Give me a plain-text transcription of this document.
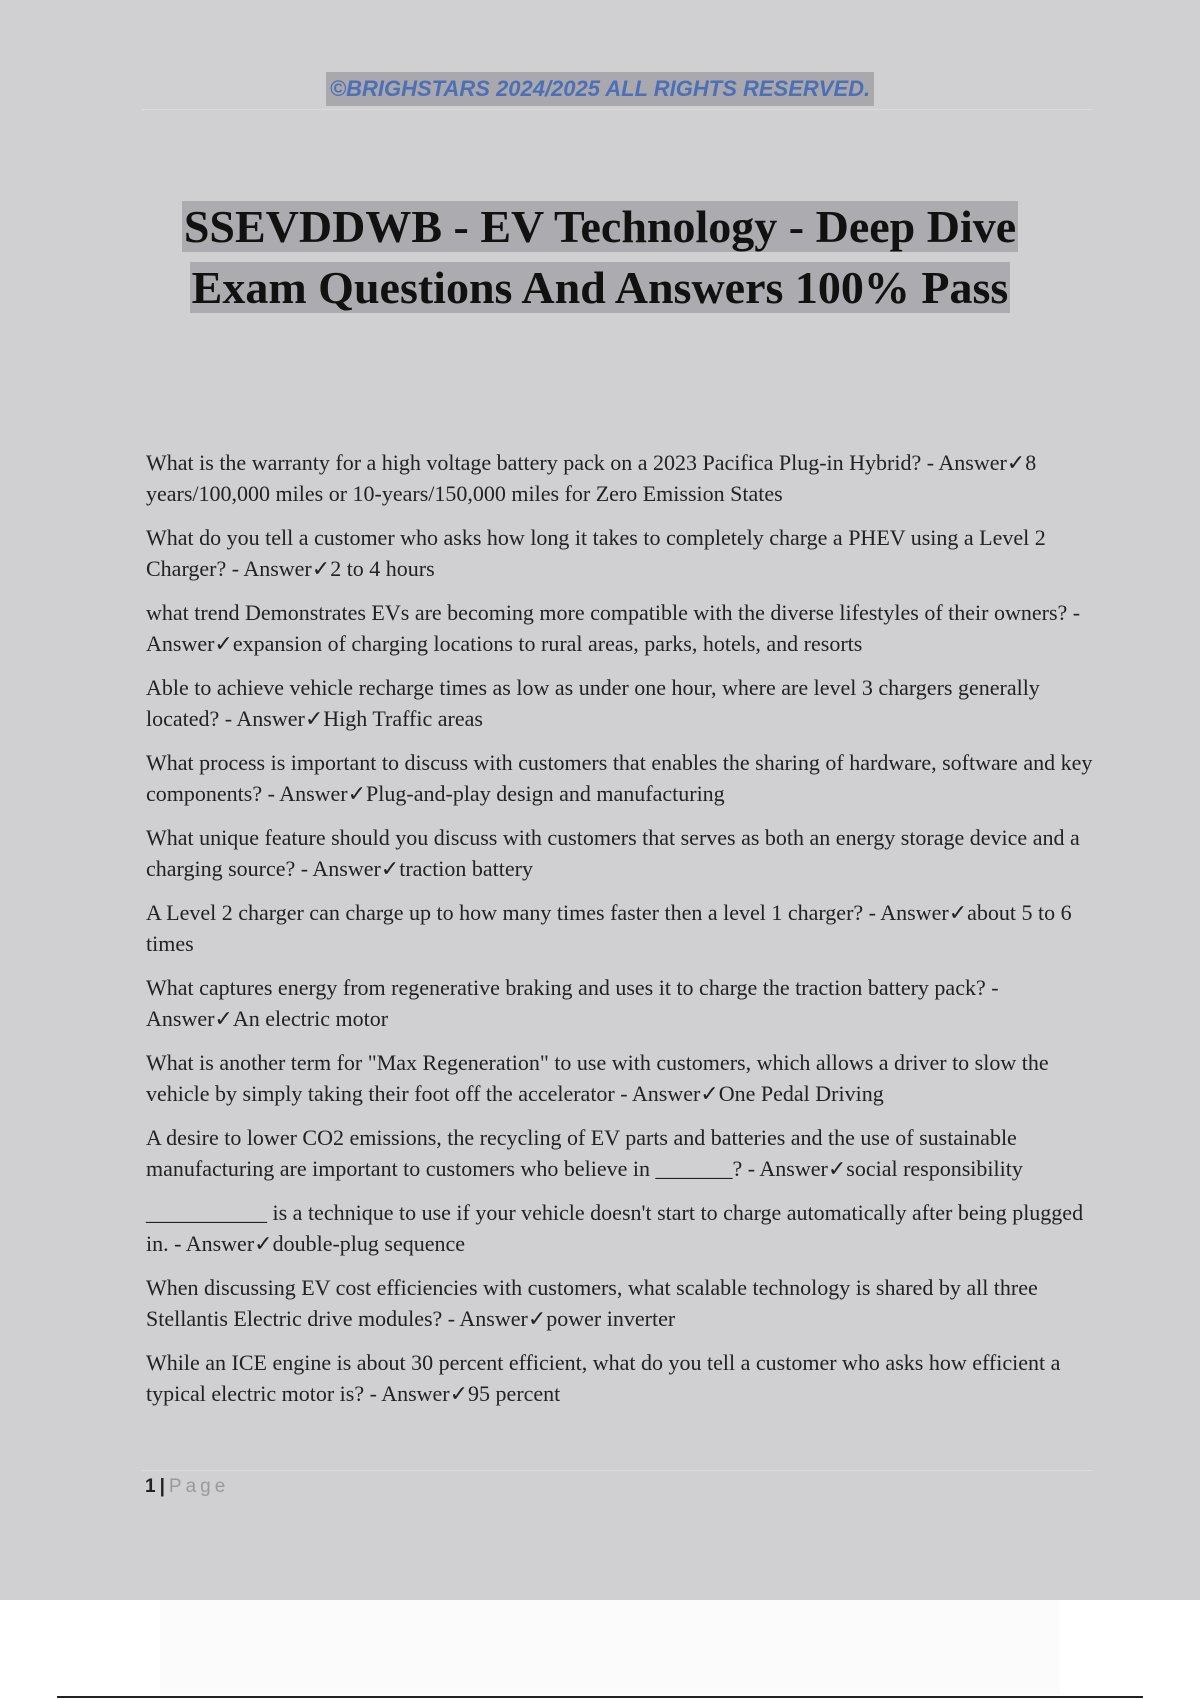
©BRIGHSTARS 2024/2025 ALL RIGHTS RESERVED.
SSEVDDWB - EV Technology - Deep Dive
Exam Questions And Answers 100% Pass
What is the warranty for a high voltage battery pack on a 2023 Pacifica Plug-in Hybrid? - Answer✓8 years/100,000 miles or 10-years/150,000 miles for Zero Emission States
What do you tell a customer who asks how long it takes to completely charge a PHEV using a Level 2 Charger? - Answer✓2 to 4 hours
what trend Demonstrates EVs are becoming more compatible with the diverse lifestyles of their owners? - Answer✓expansion of charging locations to rural areas, parks, hotels, and resorts
Able to achieve vehicle recharge times as low as under one hour, where are level 3 chargers generally located? - Answer✓High Traffic areas
What process is important to discuss with customers that enables the sharing of hardware, software and key components? - Answer✓Plug-and-play design and manufacturing
What unique feature should you discuss with customers that serves as both an energy storage device and a charging source? - Answer✓traction battery
A Level 2 charger can charge up to how many times faster then a level 1 charger? - Answer✓about 5 to 6 times
What captures energy from regenerative braking and uses it to charge the traction battery pack? - Answer✓An electric motor
What is another term for "Max Regeneration" to use with customers, which allows a driver to slow the vehicle by simply taking their foot off the accelerator - Answer✓One Pedal Driving
A desire to lower CO2 emissions, the recycling of EV parts and batteries and the use of sustainable manufacturing are important to customers who believe in _______? - Answer✓social responsibility
___________ is a technique to use if your vehicle doesn't start to charge automatically after being plugged in. - Answer✓double-plug sequence
When discussing EV cost efficiencies with customers, what scalable technology is shared by all three Stellantis Electric drive modules? - Answer✓power inverter
While an ICE engine is about 30 percent efficient, what do you tell a customer who asks how efficient a typical electric motor is? - Answer✓95 percent
1 | Page
